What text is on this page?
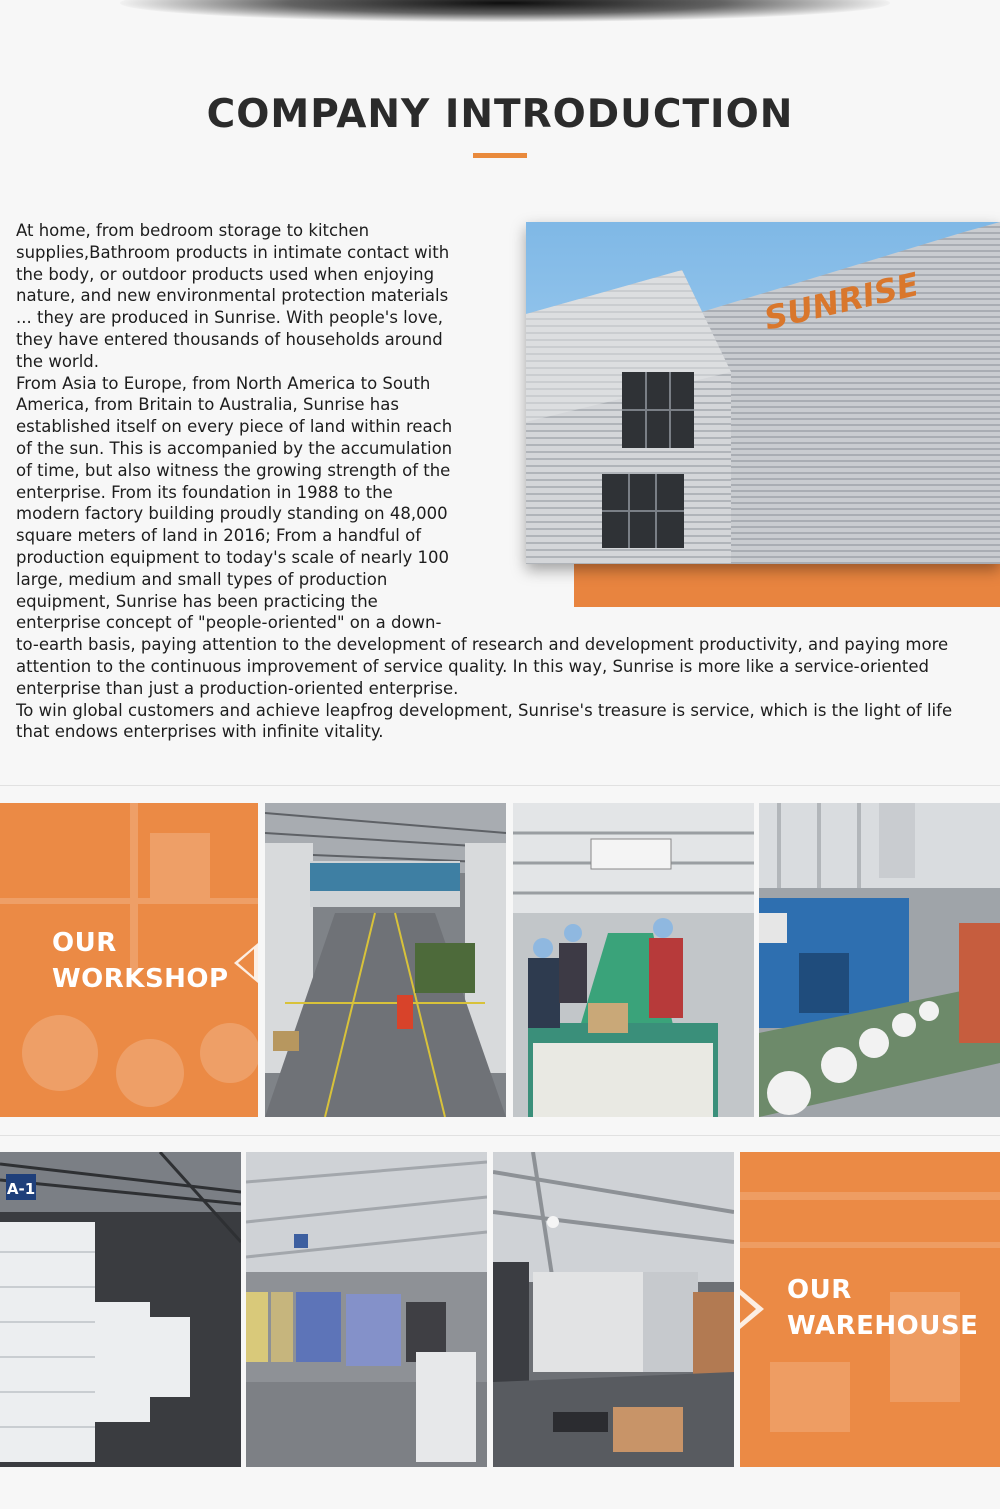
COMPANY INTRODUCTION
SUNRISE

At home, from bedroom storage to kitchen supplies,Bathroom products in intimate contact with the body, or outdoor products used when enjoying nature, and new environmental protection materials ... they are produced in Sunrise. With people's love, they have entered thousands of households around the world.

From Asia to Europe, from North America to South America, from Britain to Australia, Sunrise has established itself on every piece of land within reach of the sun. This is accompanied by the accumulation of time, but also witness the growing strength of the enterprise. From its foundation in 1988 to the modern factory building proudly standing on 48,000 square meters of land in 2016; From a handful of production equipment to today's scale of nearly 100 large, medium and small types of production equipment, Sunrise has been practicing the enterprise concept of "people-oriented" on a down-to-earth basis, paying attention to the development of research and development productivity, and paying more attention to the continuous improvement of service quality. In this way, Sunrise is more like a service-oriented enterprise than just a production-oriented enterprise.

To win global customers and achieve leapfrog development, Sunrise's treasure is service, which is the light of life that endows enterprises with infinite vitality.

OUR
WORKSHOP
A-1
OUR
WAREHOUSE
